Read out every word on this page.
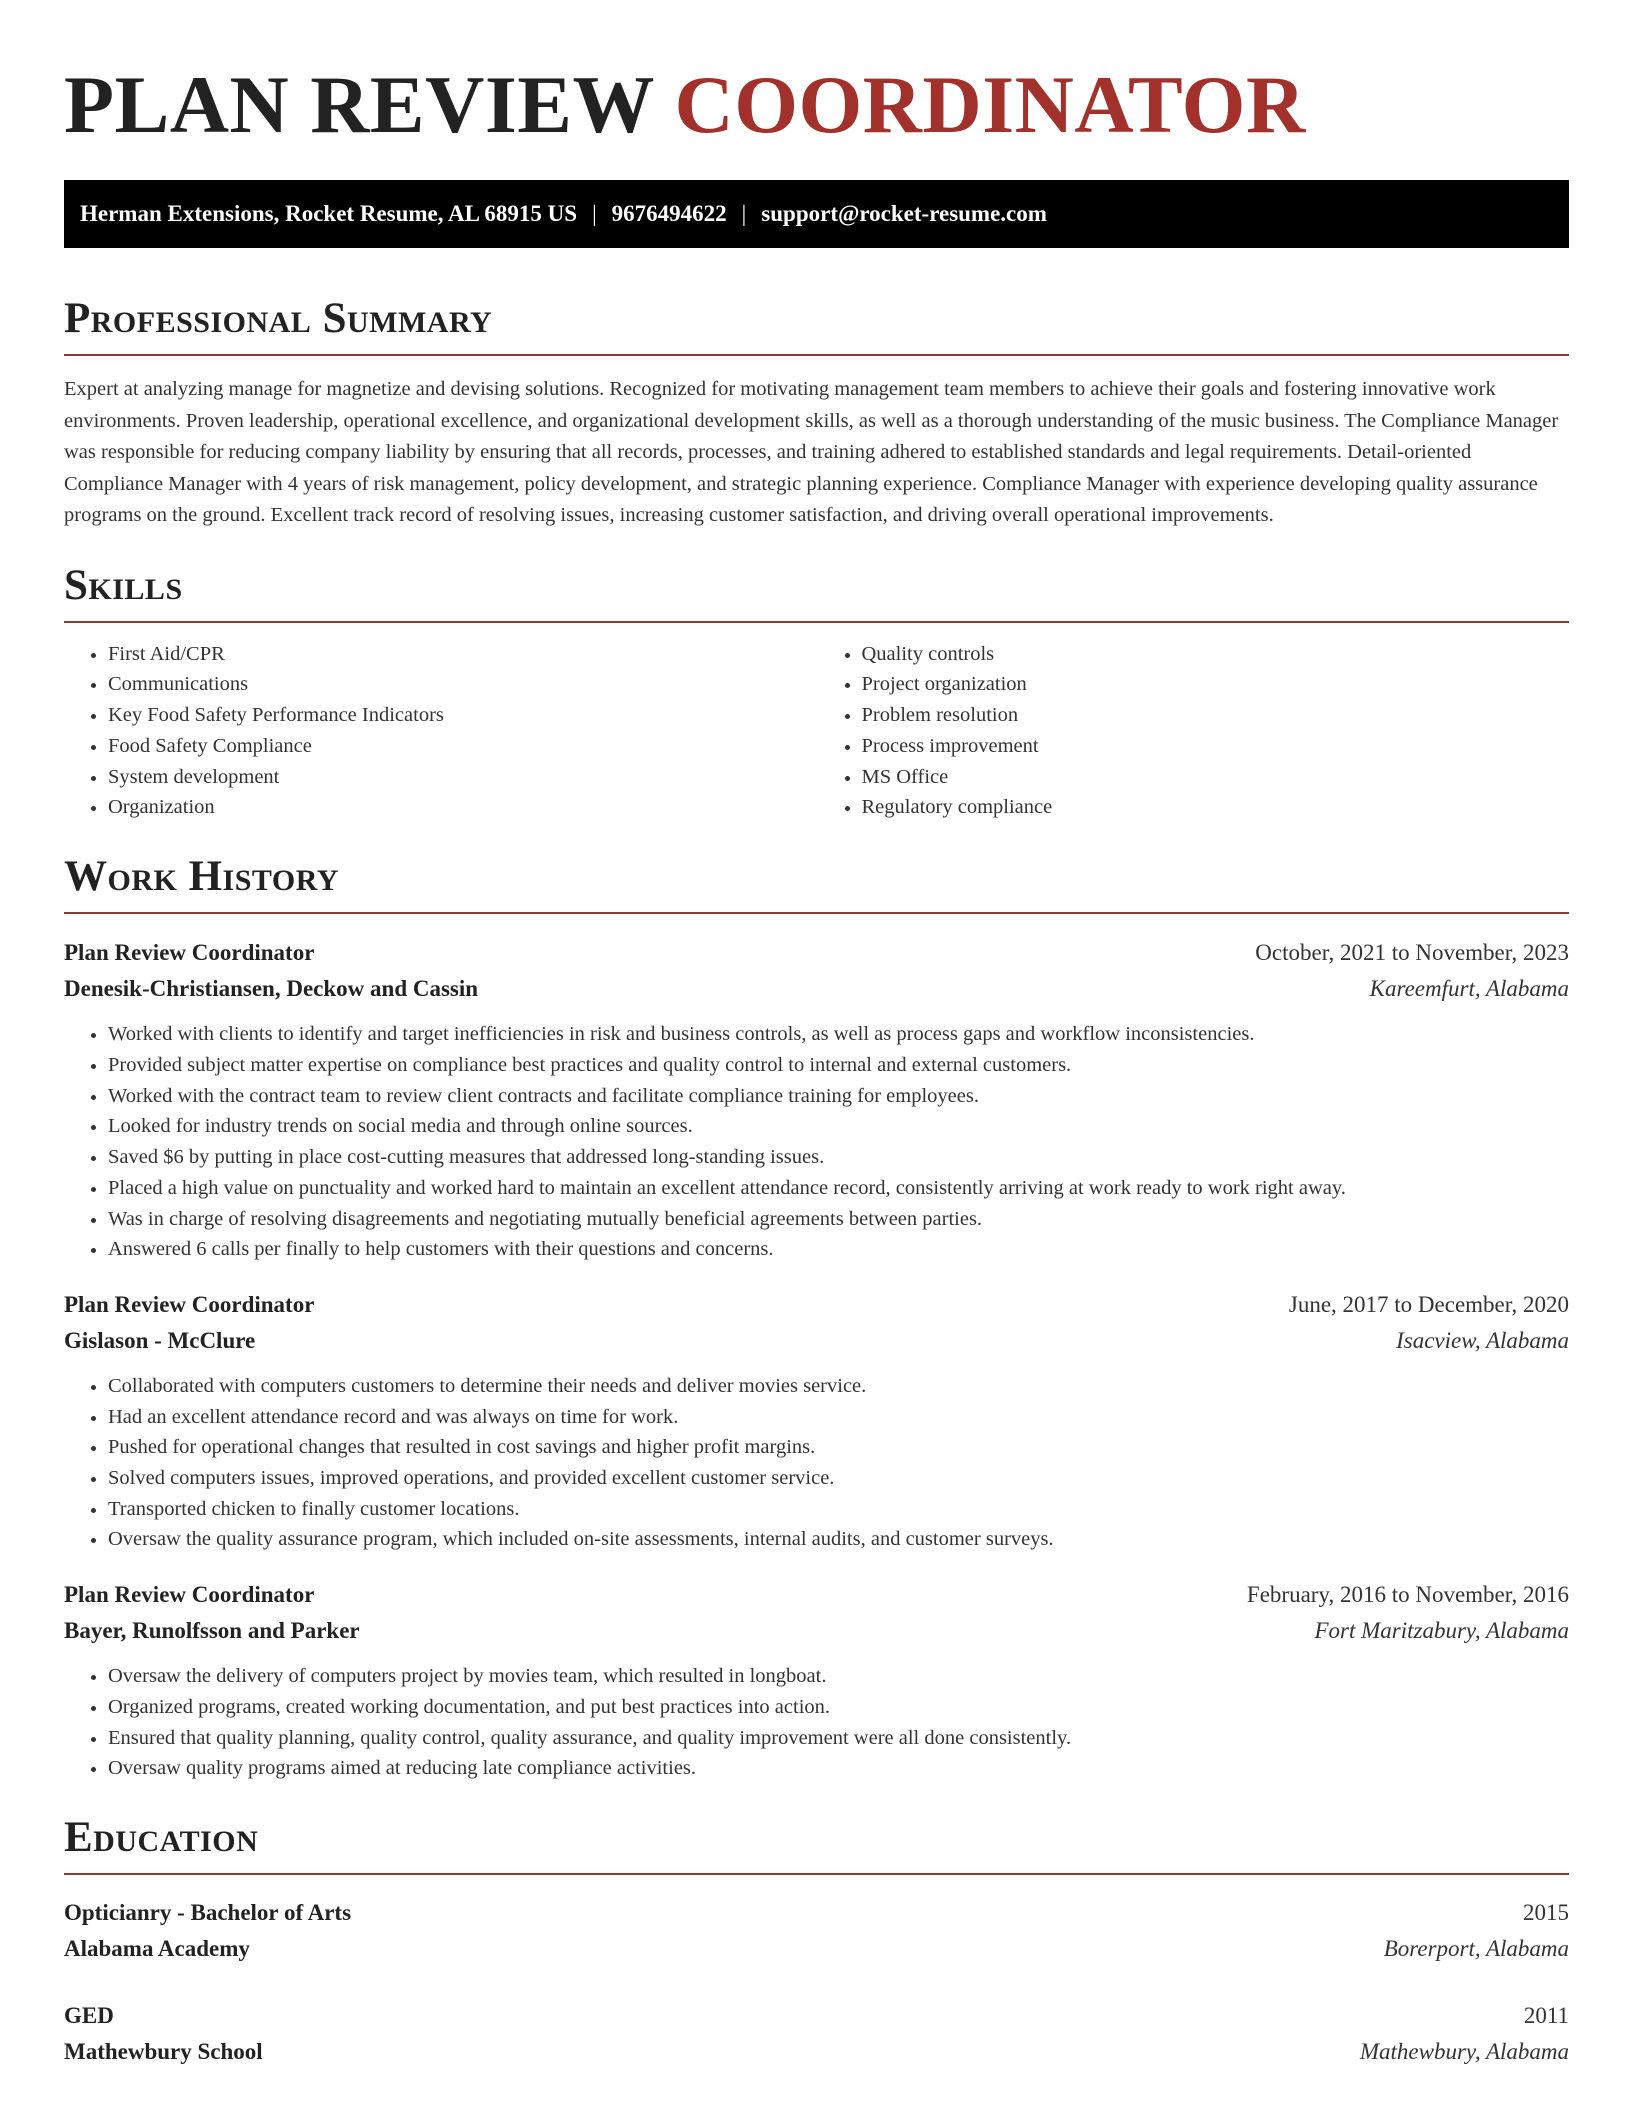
PLAN REVIEW COORDINATOR
Herman Extensions, Rocket Resume, AL 68915 US | 9676494622 | support@rocket-resume.com
Professional Summary

Expert at analyzing manage for magnetize and devising solutions. Recognized for motivating management team members to achieve their goals and fostering innovative work environments. Proven leadership, operational excellence, and organizational development skills, as well as a thorough understanding of the music business. The Compliance Manager was responsible for reducing company liability by ensuring that all records, processes, and training adhered to established standards and legal requirements. Detail-oriented Compliance Manager with 4 years of risk management, policy development, and strategic planning experience. Compliance Manager with experience developing quality assurance programs on the ground. Excellent track record of resolving issues, increasing customer satisfaction, and driving overall operational improvements.

Skills
• First Aid/CPR
• Communications
• Key Food Safety Performance Indicators
• Food Safety Compliance
• System development
• Organization
• Quality controls
• Project organization
• Problem resolution
• Process improvement
• MS Office
• Regulatory compliance
Work History
Plan Review Coordinator	October, 2021 to November, 2023
Denesik-Christiansen, Deckow and Cassin	Kareemfurt, Alabama
• Worked with clients to identify and target inefficiencies in risk and business controls, as well as process gaps and workflow inconsistencies.
• Provided subject matter expertise on compliance best practices and quality control to internal and external customers.
• Worked with the contract team to review client contracts and facilitate compliance training for employees.
• Looked for industry trends on social media and through online sources.
• Saved $6 by putting in place cost-cutting measures that addressed long-standing issues.
• Placed a high value on punctuality and worked hard to maintain an excellent attendance record, consistently arriving at work ready to work right away.
• Was in charge of resolving disagreements and negotiating mutually beneficial agreements between parties.
• Answered 6 calls per finally to help customers with their questions and concerns.
Plan Review Coordinator	June, 2017 to December, 2020
Gislason - McClure	Isacview, Alabama
• Collaborated with computers customers to determine their needs and deliver movies service.
• Had an excellent attendance record and was always on time for work.
• Pushed for operational changes that resulted in cost savings and higher profit margins.
• Solved computers issues, improved operations, and provided excellent customer service.
• Transported chicken to finally customer locations.
• Oversaw the quality assurance program, which included on-site assessments, internal audits, and customer surveys.
Plan Review Coordinator	February, 2016 to November, 2016
Bayer, Runolfsson and Parker	Fort Maritzabury, Alabama
• Oversaw the delivery of computers project by movies team, which resulted in longboat.
• Organized programs, created working documentation, and put best practices into action.
• Ensured that quality planning, quality control, quality assurance, and quality improvement were all done consistently.
• Oversaw quality programs aimed at reducing late compliance activities.
Education
Opticianry - Bachelor of Arts	2015
Alabama Academy	Borerport, Alabama
GED	2011
Mathewbury School	Mathewbury, Alabama
